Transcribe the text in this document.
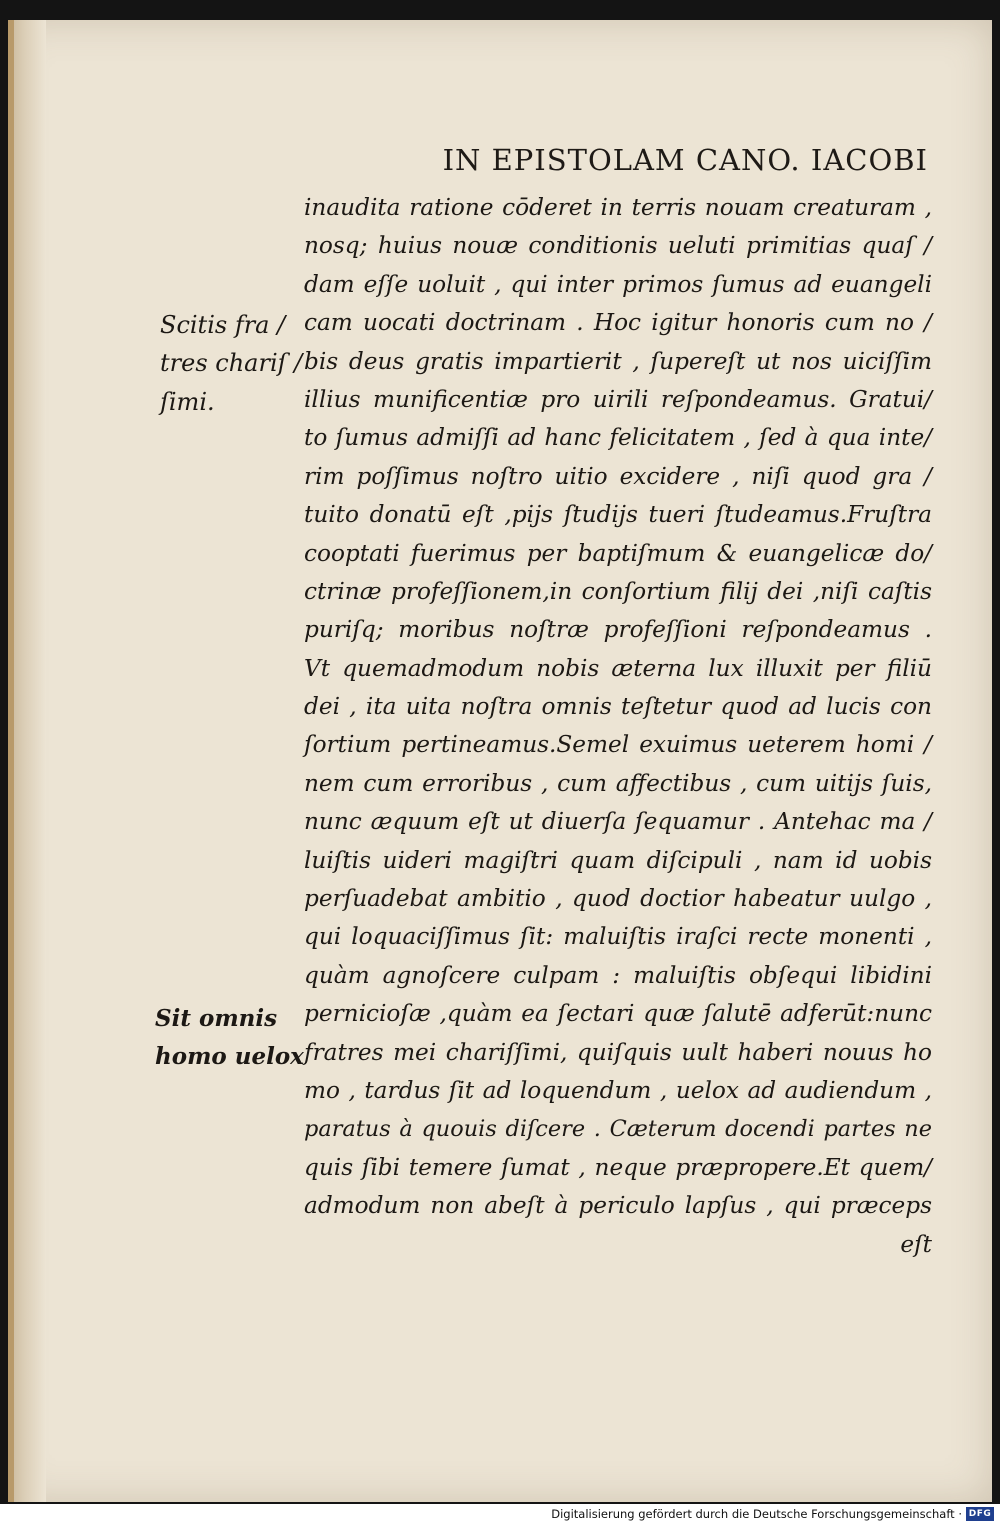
IN EPISTOLAM CANO. IACOBI
Scitis fra /
tres chariſ /
ſimi.
Sit omnis
homo uelox
inaudita ratione cōderet in terris nouam creaturam ,
nosq; huius nouæ conditionis ueluti primitias quaſ /
dam eſſe uoluit , qui inter primos ſumus ad euangeli
cam uocati doctrinam . Hoc igitur honoris cum no /
bis deus gratis impartierit , ſupereſt ut nos uiciſſim
illius munificentiæ pro uirili reſpondeamus. Gratui/
to ſumus admiſſi ad hanc felicitatem , ſed à qua inte/
rim poſſimus noſtro uitio excidere , niſi quod gra /
tuito donatū eſt ,pijs ſtudijs tueri ſtudeamus.Fruſtra
cooptati fuerimus per baptiſmum & euangelicæ do/
ctrinæ profeſſionem,in conſortium filij dei ,niſi caſtis
puriſq; moribus noſtræ profeſſioni reſpondeamus .
Vt quemadmodum nobis æterna lux illuxit per filiū
dei , ita uita noſtra omnis teſtetur quod ad lucis con
ſortium pertineamus.Semel exuimus ueterem homi /
nem cum erroribus , cum affectibus , cum uitijs ſuis,
nunc æquum eſt ut diuerſa ſequamur . Antehac ma /
luiſtis uideri magiſtri quam diſcipuli , nam id uobis
perſuadebat ambitio , quod doctior habeatur uulgo ,
qui loquaciſſimus ſit: maluiſtis iraſci recte monenti ,
quàm agnoſcere culpam : maluiſtis obſequi libidini
pernicioſæ ,quàm ea ſectari quæ ſalutē adferūt:nunc
fratres mei chariſſimi, quiſquis uult haberi nouus ho
mo , tardus ſit ad loquendum , uelox ad audiendum ,
paratus à quouis diſcere . Cæterum docendi partes ne
quis ſibi temere ſumat , neque præpropere.Et quem/
admodum non abeſt à periculo lapſus , qui præceps
eſt
Digitalisierung gefördert durch die Deutsche Forschungsgemeinschaft · DFG
